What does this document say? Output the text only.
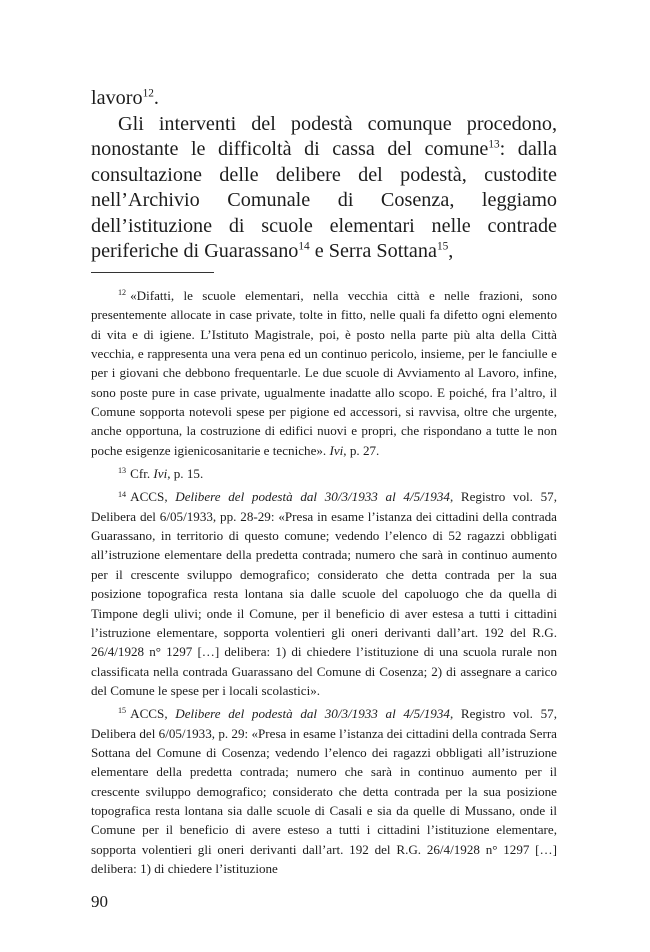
lavoro$^{12}$.

Gli interventi del podestà comunque procedono, nonostante le difficoltà di cassa del comune$^{13}$: dalla consultazione delle delibere del podestà, custodite nell’Archivio Comunale di Cosenza, leggiamo dell’istituzione di scuole elementari nelle contrade periferiche di Guarassano$^{14}$ e Serra Sottana$^{15}$,

$^{12}$ «Difatti, le scuole elementari, nella vecchia città e nelle frazioni, sono presentemente allocate in case private, tolte in fitto, nelle quali fa difetto ogni elemento di vita e di igiene. L’Istituto Magistrale, poi, è posto nella parte più alta della Città vecchia, e rappresenta una vera pena ed un continuo pericolo, insieme, per le fanciulle e per i giovani che debbono frequentarle. Le due scuole di Avviamento al Lavoro, infine, sono poste pure in case private, ugualmente inadatte allo scopo. E poiché, fra l’altro, il Comune sopporta notevoli spese per pigione ed accessori, si ravvisa, oltre che urgente, anche opportuna, la costruzione di edifici nuovi e propri, che rispondano a tutte le non poche esigenze igienicosanitarie e tecniche». Ivi, p. 27.

$^{13}$ Cfr. Ivi, p. 15.

$^{14}$ ACCS, Delibere del podestà dal 30/3/1933 al 4/5/1934, Registro vol. 57, Delibera del 6/05/1933, pp. 28-29: «Presa in esame l’istanza dei cittadini della contrada Guarassano, in territorio di questo comune; vedendo l’elenco di 52 ragazzi obbligati all’istruzione elementare della predetta contrada; numero che sarà in continuo aumento per il crescente sviluppo demografico; considerato che detta contrada per la sua posizione topografica resta lontana sia dalle scuole del capoluogo che da quella di Timpone degli ulivi; onde il Comune, per il beneficio di aver estesa a tutti i cittadini l’istruzione elementare, sopporta volentieri gli oneri derivanti dall’art. 192 del R.G. 26/4/1928 n° 1297 […] delibera: 1) di chiedere l’istituzione di una scuola rurale non classificata nella contrada Guarassano del Comune di Cosenza; 2) di assegnare a carico del Comune le spese per i locali scolastici».

$^{15}$ ACCS, Delibere del podestà dal 30/3/1933 al 4/5/1934, Registro vol. 57, Delibera del 6/05/1933, p. 29: «Presa in esame l’istanza dei cittadini della contrada Serra Sottana del Comune di Cosenza; vedendo l’elenco dei ragazzi obbligati all’istruzione elementare della predetta contrada; numero che sarà in continuo aumento per il crescente sviluppo demografico; considerato che detta contrada per la sua posizione topografica resta lontana sia dalle scuole di Casali e sia da quelle di Mussano, onde il Comune per il beneficio di avere esteso a tutti i cittadini l’istituzione elementare, sopporta volentieri gli oneri derivanti dall’art. 192 del R.G. 26/4/1928 n° 1297 […] delibera: 1) di chiedere l’istituzione

90
